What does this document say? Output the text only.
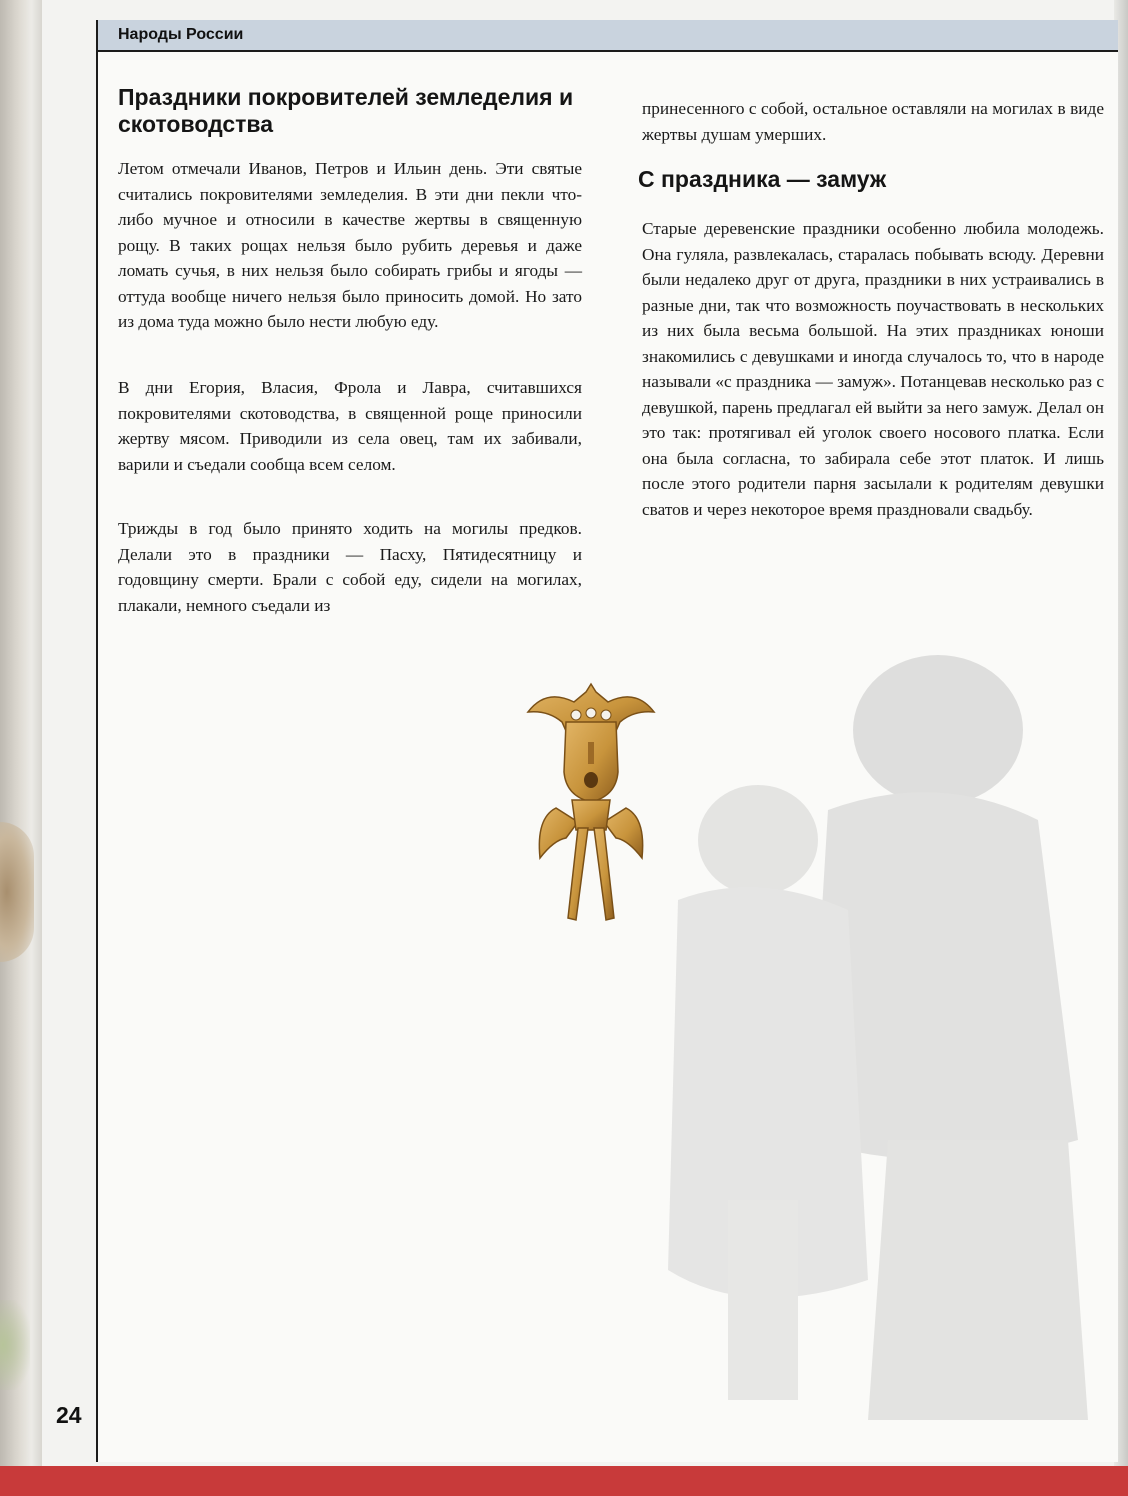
Народы России
Праздники покровителей земледелия и скотоводства

Летом отмечали Иванов, Петров и Ильин день. Эти святые считались покровителями земледелия. В эти дни пекли что-либо мучное и относили в качестве жертвы в священную рощу. В таких рощах нельзя было рубить деревья и даже ломать сучья, в них нельзя было собирать грибы и ягоды — оттуда вообще ничего нельзя было приносить домой. Но зато из дома туда можно было нести любую еду.

В дни Егория, Власия, Фрола и Лавра, считавшихся покровителями скотоводства, в священной роще приносили жертву мясом. Приводили из села овец, там их забивали, варили и съедали сообща всем селом.

Трижды в год было принято ходить на могилы предков. Делали это в праздники — Пасху, Пятидесятницу и годовщину смерти. Брали с собой еду, сидели на могилах, плакали, немного съедали из

принесенного с собой, остальное оставляли на могилах в виде жертвы душам умерших.

С праздника — замуж

Старые деревенские праздники особенно любила молодежь. Она гуляла, развлекалась, старалась побывать всюду. Деревни были недалеко друг от друга, праздники в них устраивались в разные дни, так что возможность поучаствовать в нескольких из них была весьма большой. На этих праздниках юноши знакомились с девушками и иногда случалось то, что в народе называли «с праздника — замуж». Потанцевав несколько раз с девушкой, парень предлагал ей выйти за него замуж. Делал он это так: протягивал ей уголок своего носового платка. Если она была согласна, то забирала себе этот платок. И лишь после этого родители парня засылали к родителям девушки сватов и через некоторое время праздновали свадьбу.

24
